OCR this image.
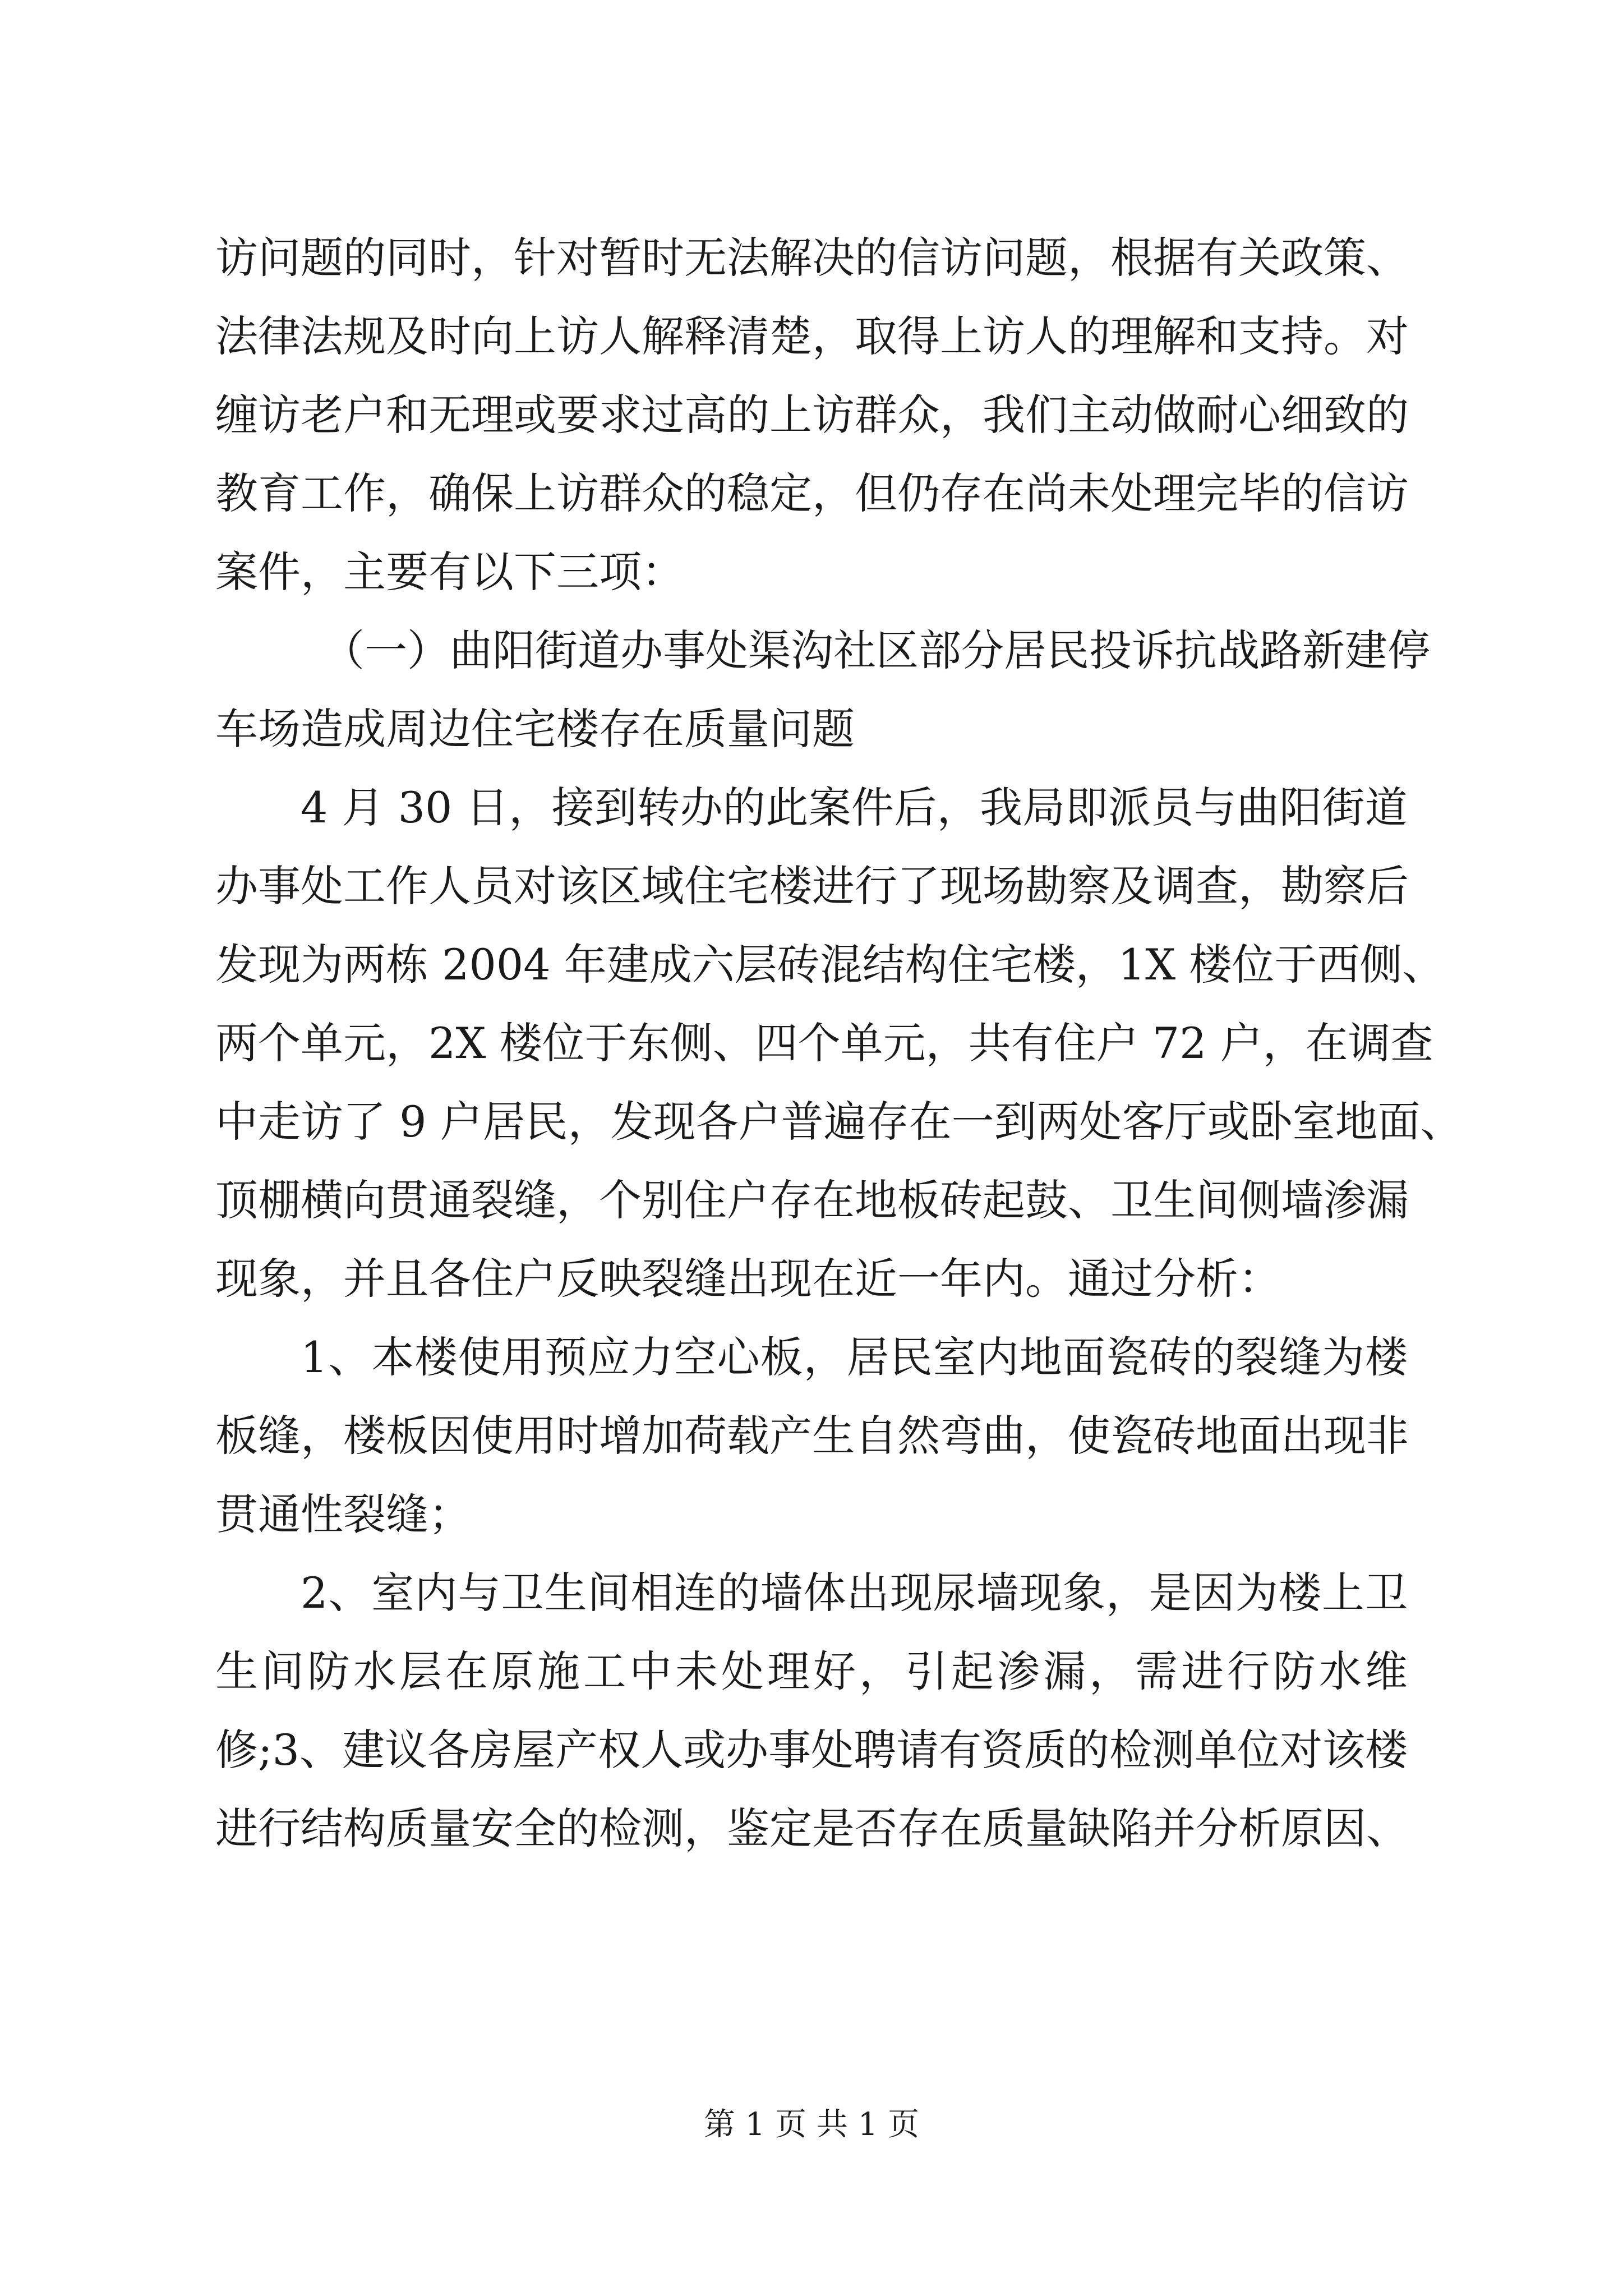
访问题的同时，针对暂时无法解决的信访问题，根据有关政策、
法律法规及时向上访人解释清楚，取得上访人的理解和支持。对
缠访老户和无理或要求过高的上访群众，我们主动做耐心细致的
教育工作，确保上访群众的稳定，但仍存在尚未处理完毕的信访
案件，主要有以下三项：
（一）曲阳街道办事处渠沟社区部分居民投诉抗战路新建停
车场造成周边住宅楼存在质量问题
4 月 30 日，接到转办的此案件后，我局即派员与曲阳街道
办事处工作人员对该区域住宅楼进行了现场勘察及调查，勘察后
发现为两栋 2004 年建成六层砖混结构住宅楼，1X 楼位于西侧、
两个单元，2X 楼位于东侧、四个单元，共有住户 72 户，在调查
中走访了 9 户居民，发现各户普遍存在一到两处客厅或卧室地面、
顶棚横向贯通裂缝，个别住户存在地板砖起鼓、卫生间侧墙渗漏
现象，并且各住户反映裂缝出现在近一年内。通过分析：
1、本楼使用预应力空心板，居民室内地面瓷砖的裂缝为楼
板缝，楼板因使用时增加荷载产生自然弯曲，使瓷砖地面出现非
贯通性裂缝；
2、室内与卫生间相连的墙体出现尿墙现象，是因为楼上卫
生间防水层在原施工中未处理好，引起渗漏，需进行防水维
修;3、建议各房屋产权人或办事处聘请有资质的检测单位对该楼
进行结构质量安全的检测，鉴定是否存在质量缺陷并分析原因、
第 1 页 共 1 页
